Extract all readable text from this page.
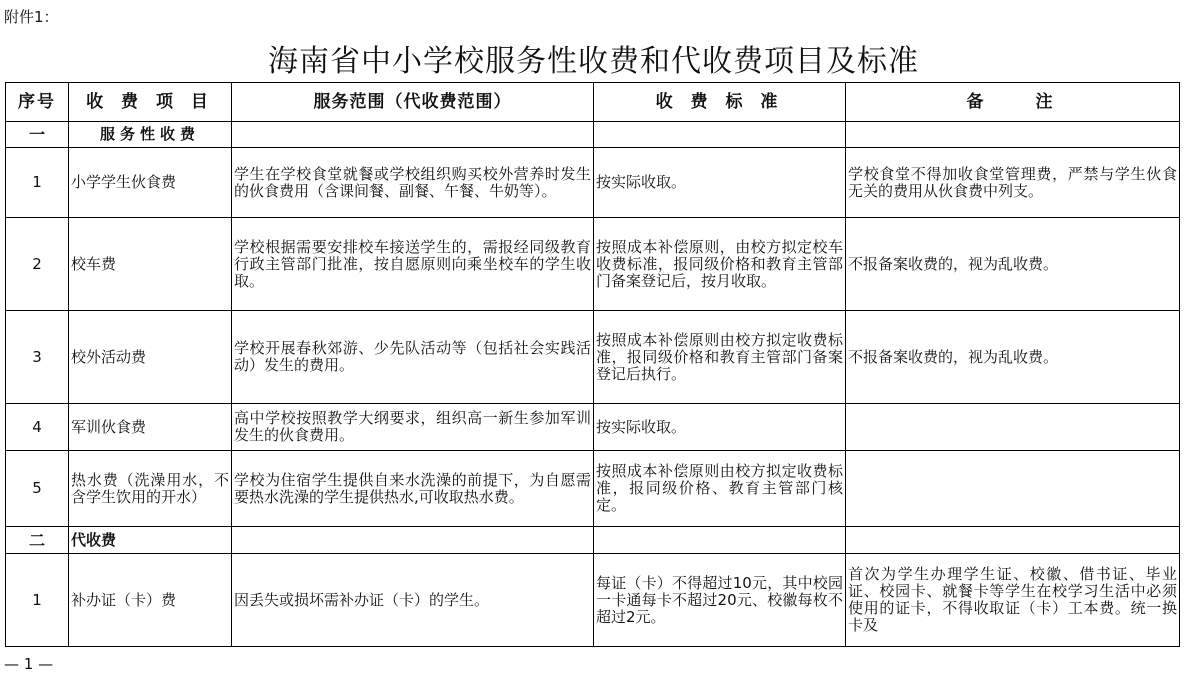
附件1：
海南省中小学校服务性收费和代收费项目及标准
序号	收 费 项 目	服务范围（代收费范围）	收 费 标 准	备　　注
一	服务性收费			
1	小学学生伙食费	学生在学校食堂就餐或学校组织购买校外营养时发生的伙食费用（含课间餐、副餐、午餐、牛奶等）。	按实际收取。	学校食堂不得加收食堂管理费，严禁与学生伙食无关的费用从伙食费中列支。
2	校车费	学校根据需要安排校车接送学生的，需报经同级教育行政主管部门批准，按自愿原则向乘坐校车的学生收取。	按照成本补偿原则，由校方拟定校车收费标准，报同级价格和教育主管部门备案登记后，按月收取。	不报备案收费的，视为乱收费。
3	校外活动费	学校开展春秋郊游、少先队活动等（包括社会实践活动）发生的费用。	按照成本补偿原则由校方拟定收费标准，报同级价格和教育主管部门备案登记后执行。	不报备案收费的，视为乱收费。
4	军训伙食费	高中学校按照教学大纲要求，组织高一新生参加军训发生的伙食费用。	按实际收取。	
5	热水费（洗澡用水，不含学生饮用的开水）	学校为住宿学生提供自来水洗澡的前提下，为自愿需要热水洗澡的学生提供热水,可收取热水费。	按照成本补偿原则由校方拟定收费标准，报同级价格、教育主管部门核定。	
二	代收费			
1	补办证（卡）费	因丢失或损坏需补办证（卡）的学生。	每证（卡）不得超过10元，其中校园一卡通每卡不超过20元、校徽每枚不超过2元。	首次为学生办理学生证、校徽、借书证、毕业证、校园卡、就餐卡等学生在校学习生活中必须使用的证卡，不得收取证（卡）工本费。统一换卡及
— 1 —
